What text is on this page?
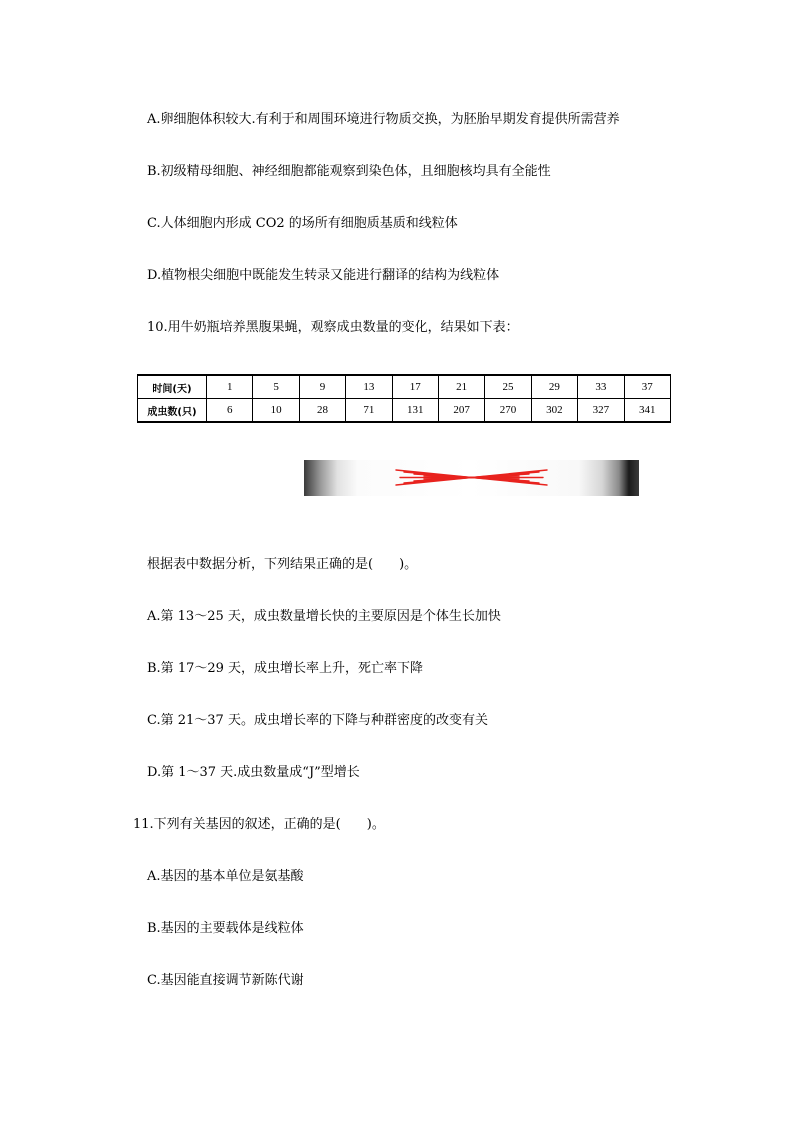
A.卵细胞体积较大.有利于和周围环境进行物质交换，为胚胎早期发育提供所需营养
B.初级精母细胞、神经细胞都能观察到染色体，且细胞核均具有全能性
C.人体细胞内形成 CO2 的场所有细胞质基质和线粒体
D.植物根尖细胞中既能发生转录又能进行翻译的结构为线粒体
10.用牛奶瓶培养黑腹果蝇，观察成虫数量的变化，结果如下表：
时间(天)	1	5	9	13	17	21	25	29	33	37
成虫数(只)	6	10	28	71	131	207	270	302	327	341
根据表中数据分析，下列结果正确的是(　　)。
A.第 13～25 天，成虫数量增长快的主要原因是个体生长加快
B.第 17～29 天，成虫增长率上升，死亡率下降
C.第 21～37 天。成虫增长率的下降与种群密度的改变有关
D.第 1～37 天.成虫数量成“J”型增长
11.下列有关基因的叙述，正确的是(　　)。
A.基因的基本单位是氨基酸
B.基因的主要载体是线粒体
C.基因能直接调节新陈代谢
